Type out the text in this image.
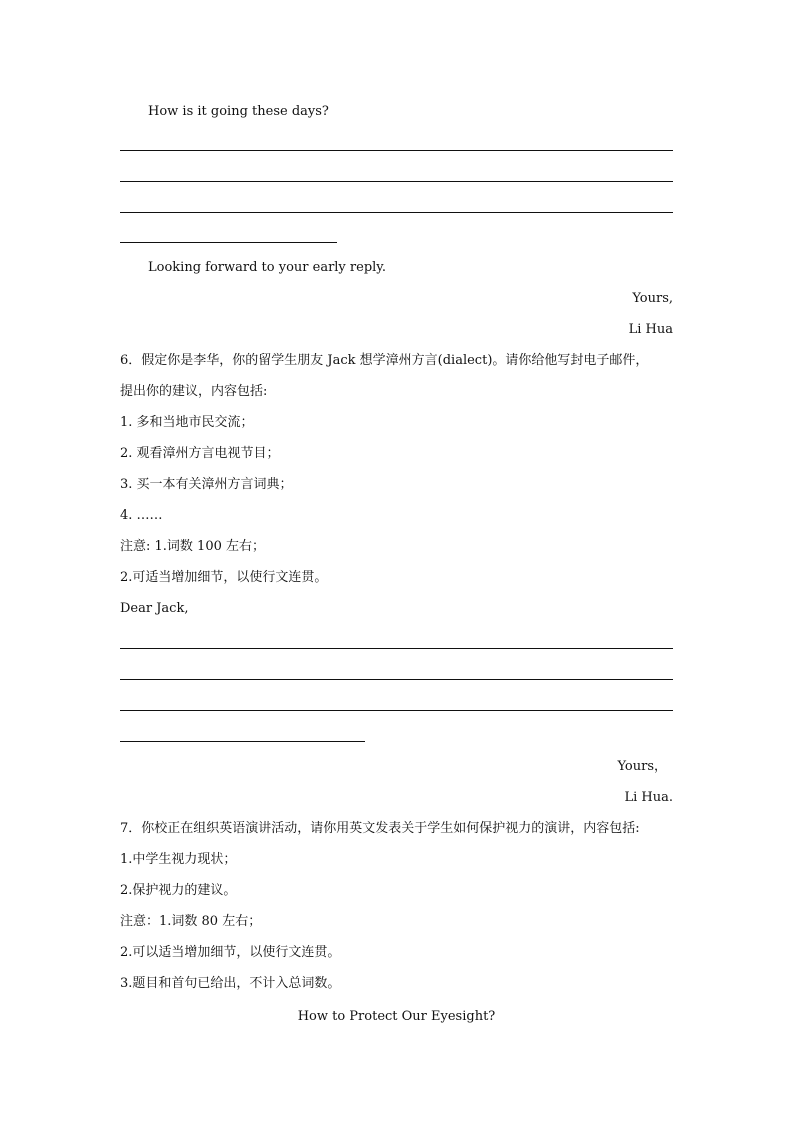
How is it going these days?
Looking forward to your early reply.
Yours,
Li Hua
6．假定你是李华，你的留学生朋友 Jack 想学漳州方言(dialect)。请你给他写封电子邮件，
提出你的建议，内容包括:
1. 多和当地市民交流；
2. 观看漳州方言电视节目；
3. 买一本有关漳州方言词典；
4. ……
注意: 1.词数 100 左右；
2.可适当增加细节，以使行文连贯。
Dear Jack,
Yours，
Li Hua.
7．你校正在组织英语演讲活动，请你用英文发表关于学生如何保护视力的演讲，内容包括:
1.中学生视力现状；
2.保护视力的建议。
注意：1.词数 80 左右；
2.可以适当增加细节，以使行文连贯。
3.题目和首句已给出，不计入总词数。
How to Protect Our Eyesight?
